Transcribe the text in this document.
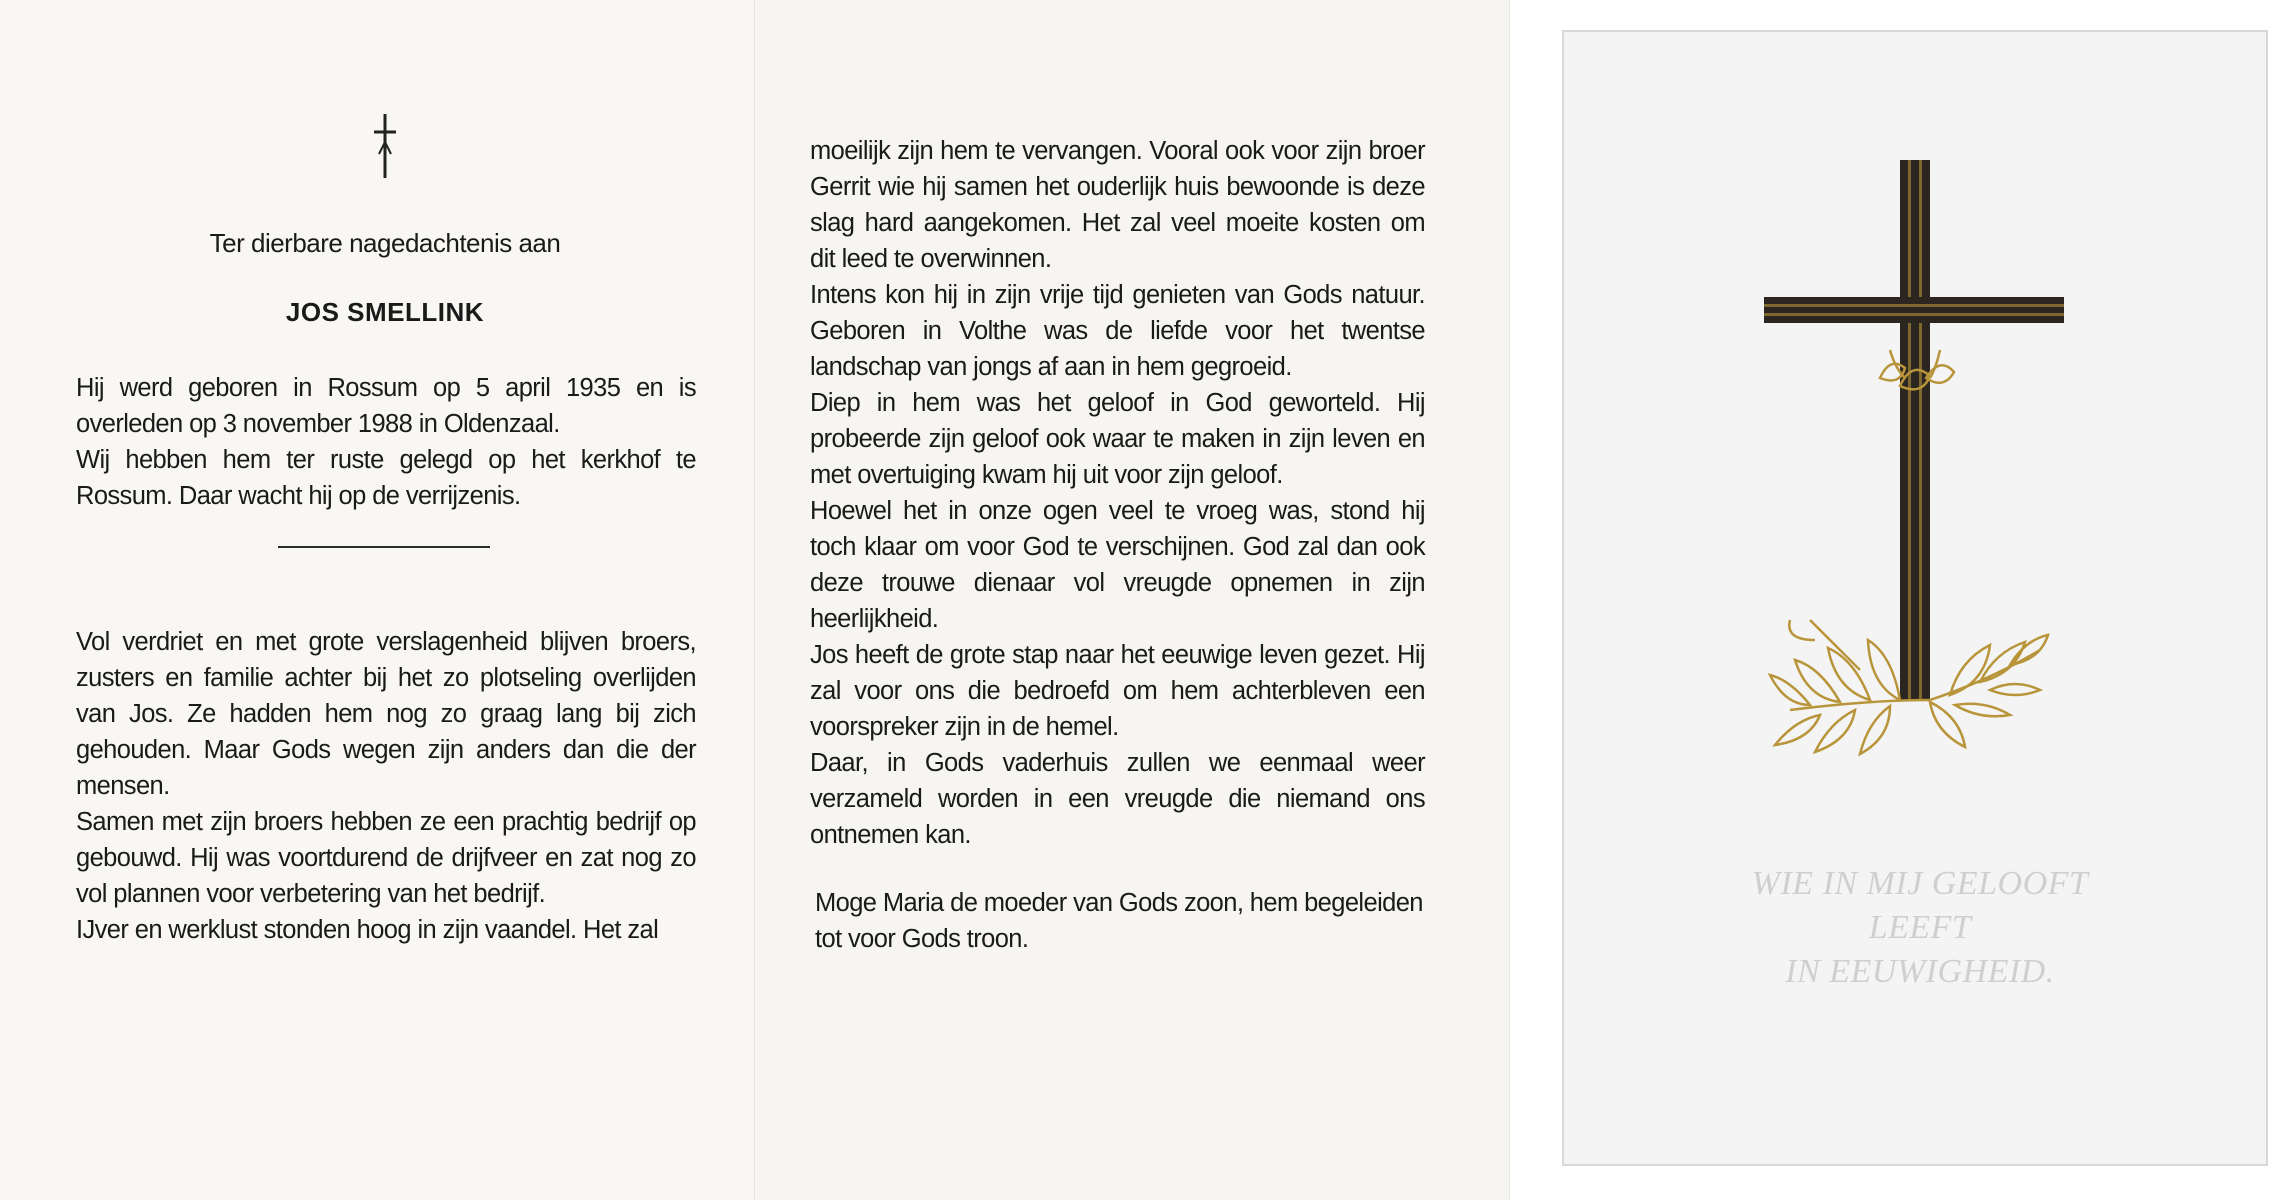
Ter dierbare nagedachtenis aan
JOS SMELLINK
Hij werd geboren in Rossum op 5 april 1935 en is overleden op 3 november 1988 in Oldenzaal.
Wij hebben hem ter ruste gelegd op het kerkhof te Rossum. Daar wacht hij op de verrijzenis.
Vol verdriet en met grote verslagenheid blijven broers, zusters en familie achter bij het zo plotseling overlijden van Jos. Ze hadden hem nog zo graag lang bij zich gehouden. Maar Gods wegen zijn anders dan die der mensen.
Samen met zijn broers hebben ze een prachtig bedrijf op gebouwd. Hij was voortdurend de drijfveer en zat nog zo vol plannen voor verbetering van het bedrijf.
IJver en werklust stonden hoog in zijn vaandel. Het zal
moeilijk zijn hem te vervangen. Vooral ook voor zijn broer Gerrit wie hij samen het ouderlijk huis bewoonde is deze slag hard aangekomen. Het zal veel moeite kosten om dit leed te overwinnen.
Intens kon hij in zijn vrije tijd genieten van Gods natuur. Geboren in Volthe was de liefde voor het twentse landschap van jongs af aan in hem gegroeid.
Diep in hem was het geloof in God geworteld. Hij probeerde zijn geloof ook waar te maken in zijn leven en met overtuiging kwam hij uit voor zijn geloof.
Hoewel het in onze ogen veel te vroeg was, stond hij toch klaar om voor God te verschijnen. God zal dan ook deze trouwe dienaar vol vreugde opnemen in zijn heerlijkheid.
Jos heeft de grote stap naar het eeuwige leven gezet. Hij zal voor ons die bedroefd om hem achterbleven een voorspreker zijn in de hemel.
Daar, in Gods vaderhuis zullen we eenmaal weer verzameld worden in een vreugde die niemand ons ontnemen kan.
Moge Maria de moeder van Gods zoon, hem begeleiden tot voor Gods troon.
WIE IN MIJ GELOOFT
LEEFT
IN EEUWIGHEID.
